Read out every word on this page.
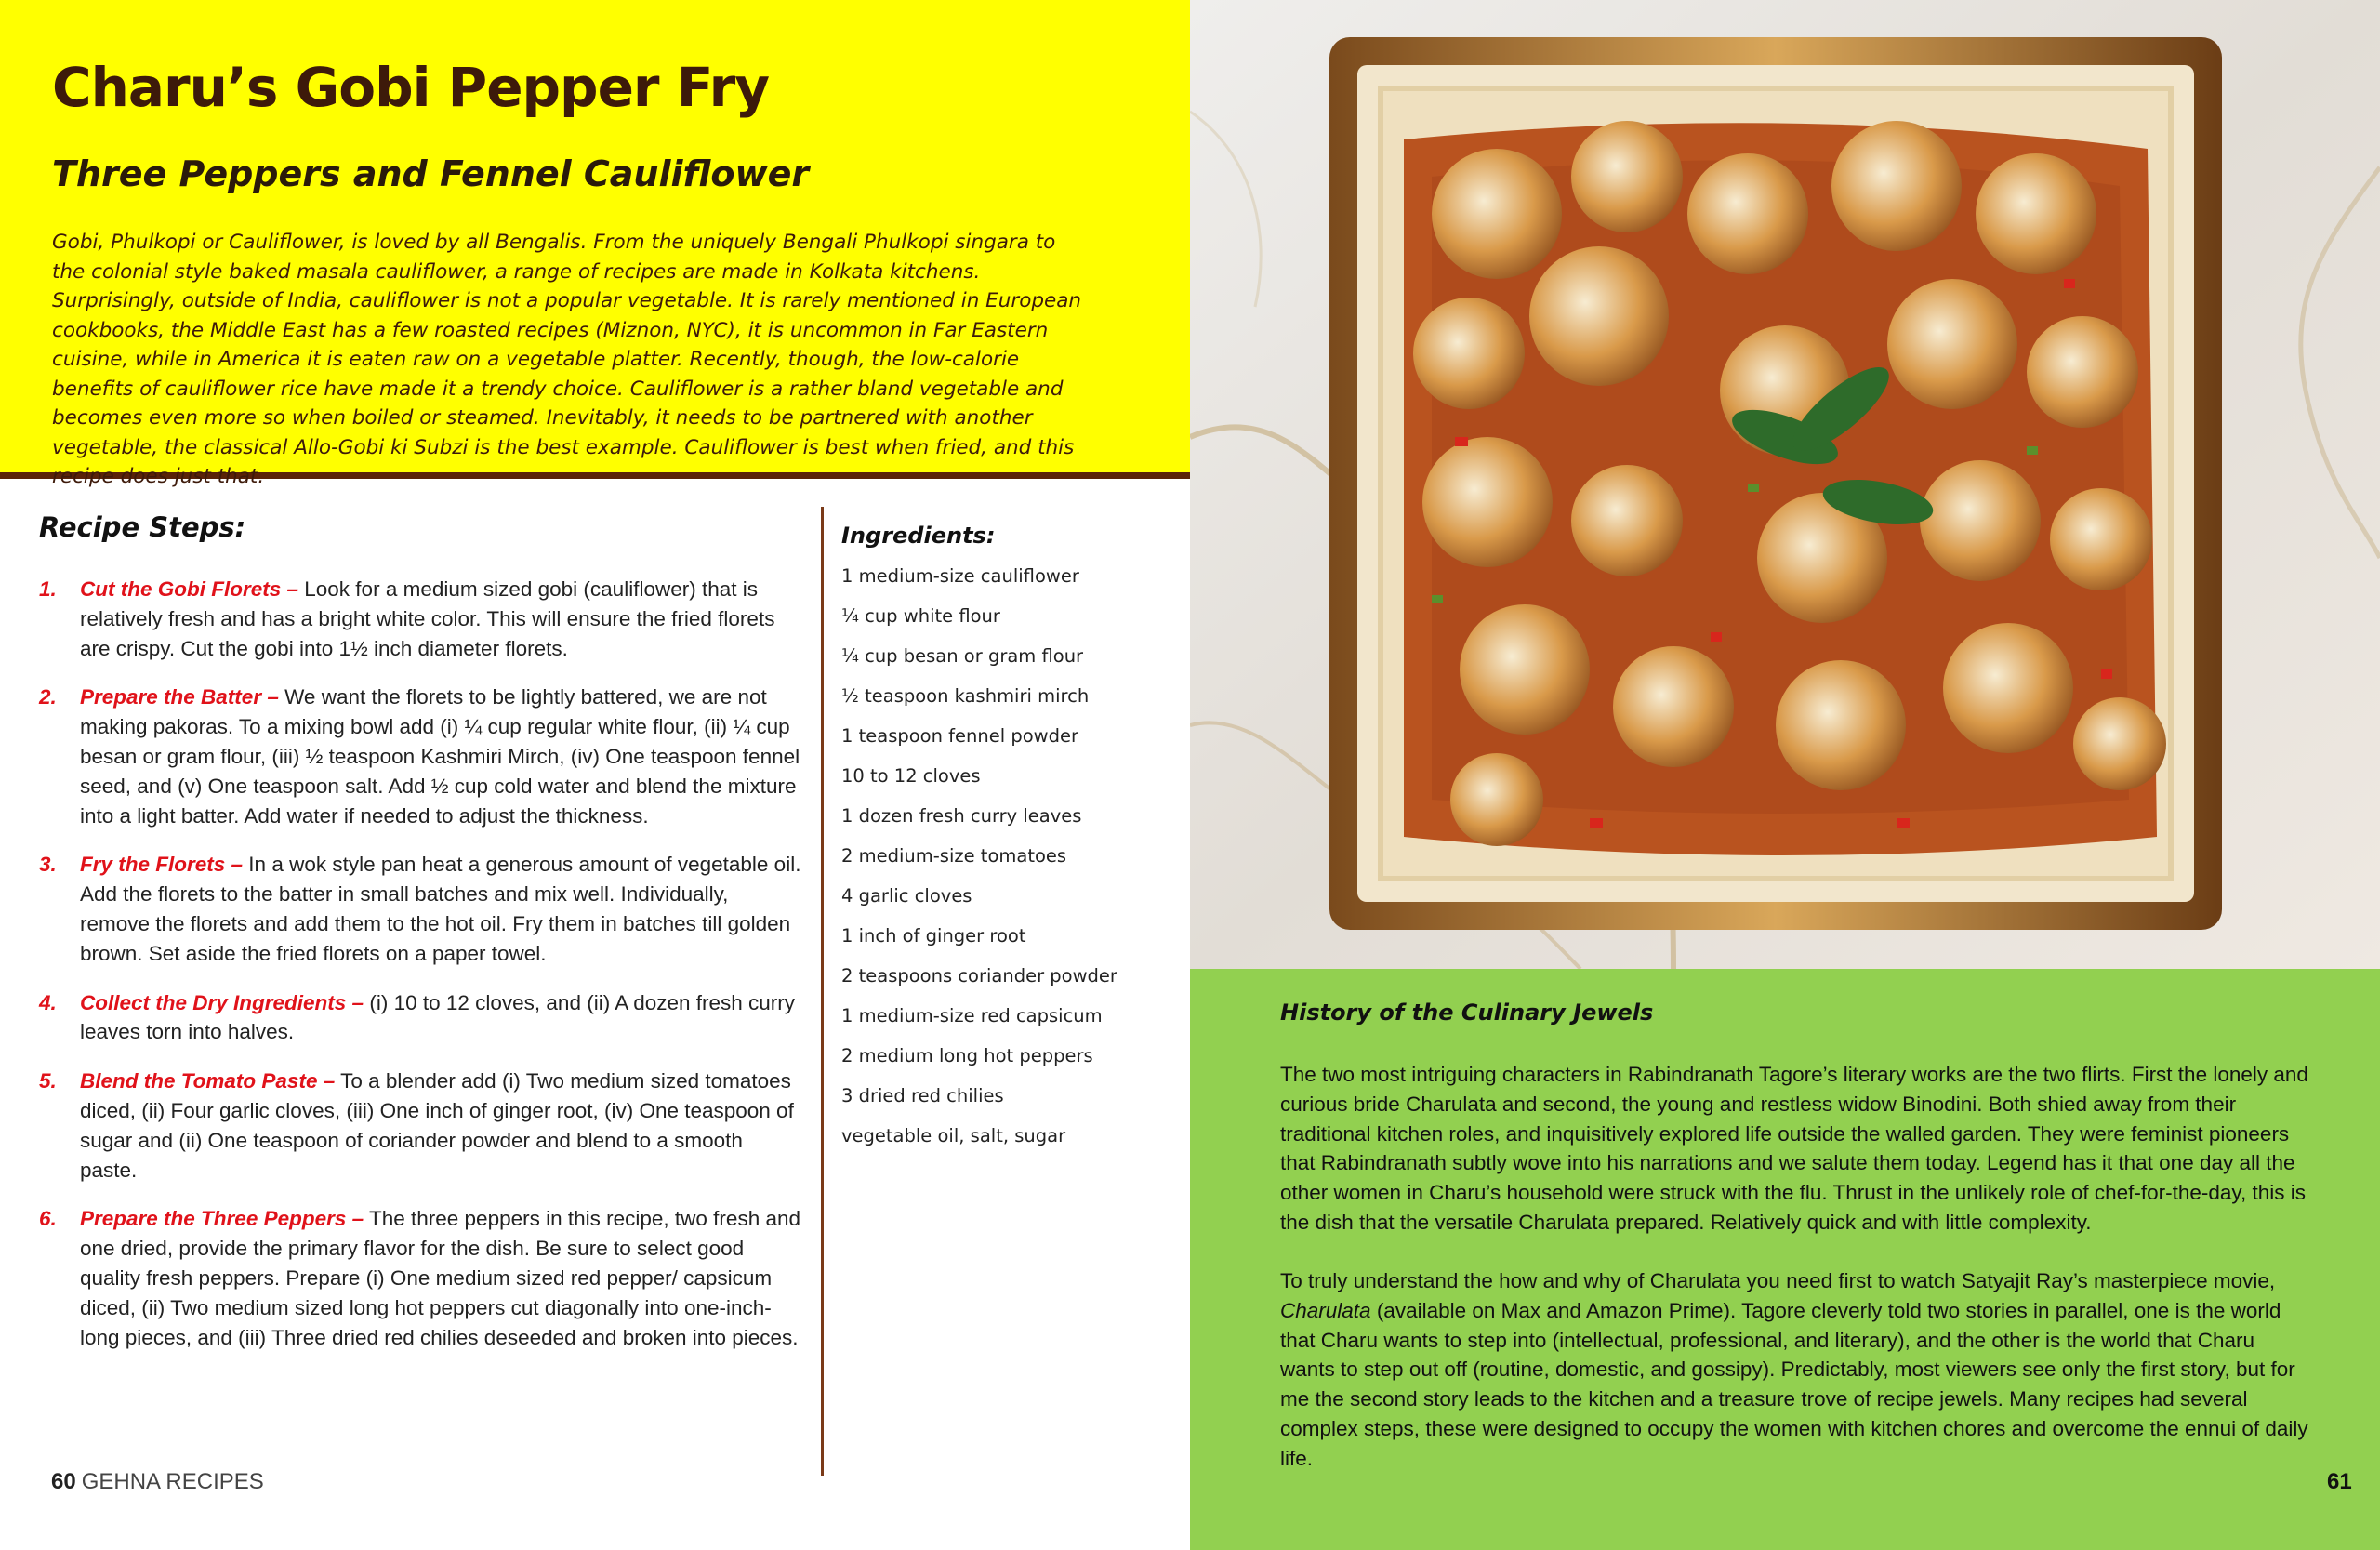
Charu’s Gobi Pepper Fry
Three Peppers and Fennel Cauliflower

Gobi, Phulkopi or Cauliflower, is loved by all Bengalis. From the uniquely Bengali Phulkopi singara to the colonial style baked masala cauliflower, a range of recipes are made in Kolkata kitchens. Surprisingly, outside of India, cauliflower is not a popular vegetable. It is rarely mentioned in European cookbooks, the Middle East has a few roasted recipes (Miznon, NYC), it is uncommon in Far Eastern cuisine, while in America it is eaten raw on a vegetable platter. Recently, though, the low-calorie benefits of cauliflower rice have made it a trendy choice. Cauliflower is a rather bland vegetable and becomes even more so when boiled or steamed. Inevitably, it needs to be partnered with another vegetable, the classical Allo-Gobi ki Subzi is the best example. Cauliflower is best when fried, and this recipe does just that.

Recipe Steps:
1.	Cut the Gobi Florets – Look for a medium sized gobi (cauliflower) that is relatively fresh and has a bright white color. This will ensure the fried florets are crispy. Cut the gobi into 1½ inch diameter florets.
2.	Prepare the Batter – We want the florets to be lightly battered, we are not making pakoras. To a mixing bowl add (i) ¼ cup regular white flour, (ii) ¼ cup besan or gram flour, (iii) ½ teaspoon Kashmiri Mirch, (iv) One teaspoon fennel seed, and (v) One teaspoon salt. Add ½ cup cold water and blend the mixture into a light batter. Add water if needed to adjust the thickness.
3.	Fry the Florets – In a wok style pan heat a generous amount of vegetable oil. Add the florets to the batter in small batches and mix well. Individually, remove the florets and add them to the hot oil. Fry them in batches till golden brown. Set aside the fried florets on a paper towel.
4.	Collect the Dry Ingredients – (i) 10 to 12 cloves, and (ii) A dozen fresh curry leaves torn into halves.
5.	Blend the Tomato Paste – To a blender add (i) Two medium sized tomatoes diced, (ii) Four garlic cloves, (iii) One inch of ginger root, (iv) One teaspoon of sugar and (ii) One teaspoon of coriander powder and blend to a smooth paste.
6.	Prepare the Three Peppers – The three peppers in this recipe, two fresh and one dried, provide the primary flavor for the dish. Be sure to select good quality fresh peppers. Prepare (i) One medium sized red pepper/ capsicum diced, (ii) Two medium sized long hot peppers cut diagonally into one-inch-long pieces, and (iii) Three dried red chilies deseeded and broken into pieces.
Ingredients:
1 medium-size cauliflower
¼ cup white flour
¼ cup besan or gram flour
½ teaspoon kashmiri mirch
1 teaspoon fennel powder
10 to 12 cloves
1 dozen fresh curry leaves
2 medium-size tomatoes
4 garlic cloves
1 inch of ginger root
2 teaspoons coriander powder
1 medium-size red capsicum
2 medium long hot peppers
3 dried red chilies
vegetable oil, salt, sugar
60 GEHNA RECIPES
History of the Culinary Jewels

The two most intriguing characters in Rabindranath Tagore’s literary works are the two flirts. First the lonely and curious bride Charulata and second, the young and restless widow Binodini. Both shied away from their traditional kitchen roles, and inquisitively explored life outside the walled garden. They were feminist pioneers that Rabindranath subtly wove into his narrations and we salute them today. Legend has it that one day all the other women in Charu’s household were struck with the flu. Thrust in the unlikely role of chef-for-the-day, this is the dish that the versatile Charulata prepared. Relatively quick and with little complexity.

To truly understand the how and why of Charulata you need first to watch Satyajit Ray’s masterpiece movie, Charulata (available on Max and Amazon Prime). Tagore cleverly told two stories in parallel, one is the world that Charu wants to step into (intellectual, professional, and literary), and the other is the world that Charu wants to step out off (routine, domestic, and gossipy). Predictably, most viewers see only the first story, but for me the second story leads to the kitchen and a treasure trove of recipe jewels. Many recipes had several complex steps, these were designed to occupy the women with kitchen chores and overcome the ennui of daily life.

61
